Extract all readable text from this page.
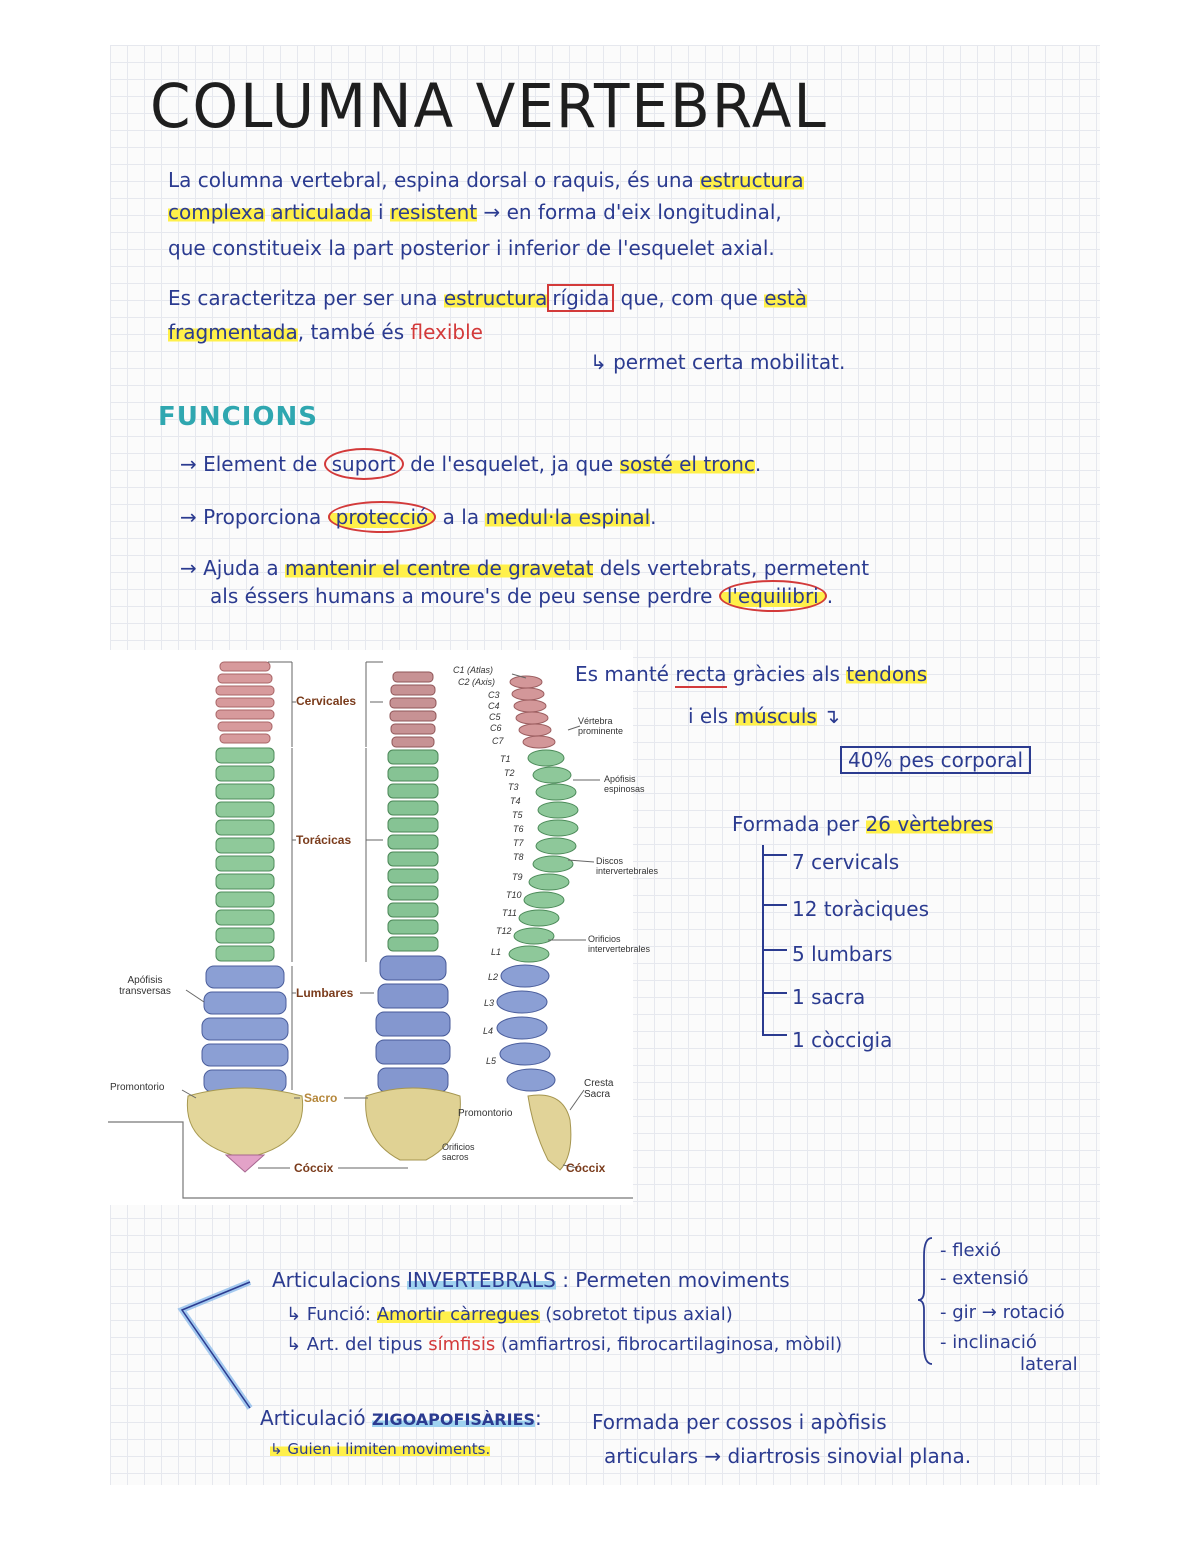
COLUMNA VERTEBRAL
La columna vertebral, espina dorsal o raquis, és una estructura
complexa articulada i resistent → en forma d'eix longitudinal,
que constitueix la part posterior i inferior de l'esquelet axial.
Es caracteritza per ser una estructura rígida que, com que està
fragmentada, també és flexible
↳ permet certa mobilitat.
FUNCIONS
→ Element de suport de l'esquelet, ja que sosté el tronc.
→ Proporciona protecció a la medul·la espinal.
→ Ajuda a mantenir el centre de gravetat dels vertebrats, permetent
als éssers humans a moure's de peu sense perdre l'equilibri .
Cervicales
Torácicas
Lumbares
Sacro
Cóccix
Apófisis transversas
Promontorio
Promontorio
Orificios sacros
Cóccix
Cresta Sacra
Vértebra prominente
Apófisis espinosas
Discos intervertebrales
Orificios intervertebrales
C1 (Atlas)
C2 (Axis)
C3
C4
C5
C6
C7
T1
T2
T3
T4
T5
T6
T7
T8
T9
T10
T11
T12
L1
L2
L3
L4
L5
Es manté recta gràcies als tendons
i els músculs ↴
40% pes corporal
Formada per 26 vèrtebres
7 cervicals
12 toràciques
5 lumbars
1 sacra
1 còccigia
Articulacions INVERTEBRALS : Permeten moviments
↳ Funció: Amortir càrregues (sobretot tipus axial)
↳ Art. del tipus símfisis (amfiartrosi, fibrocartilaginosa, mòbil)
- flexió
- extensió
- gir → rotació
- inclinació
lateral
Articulació ZIGOAPOFISÀRIES:	Formada per cossos i apòfisis
↳ Guien i limiten moviments.	articulars → diartrosis sinovial plana.
